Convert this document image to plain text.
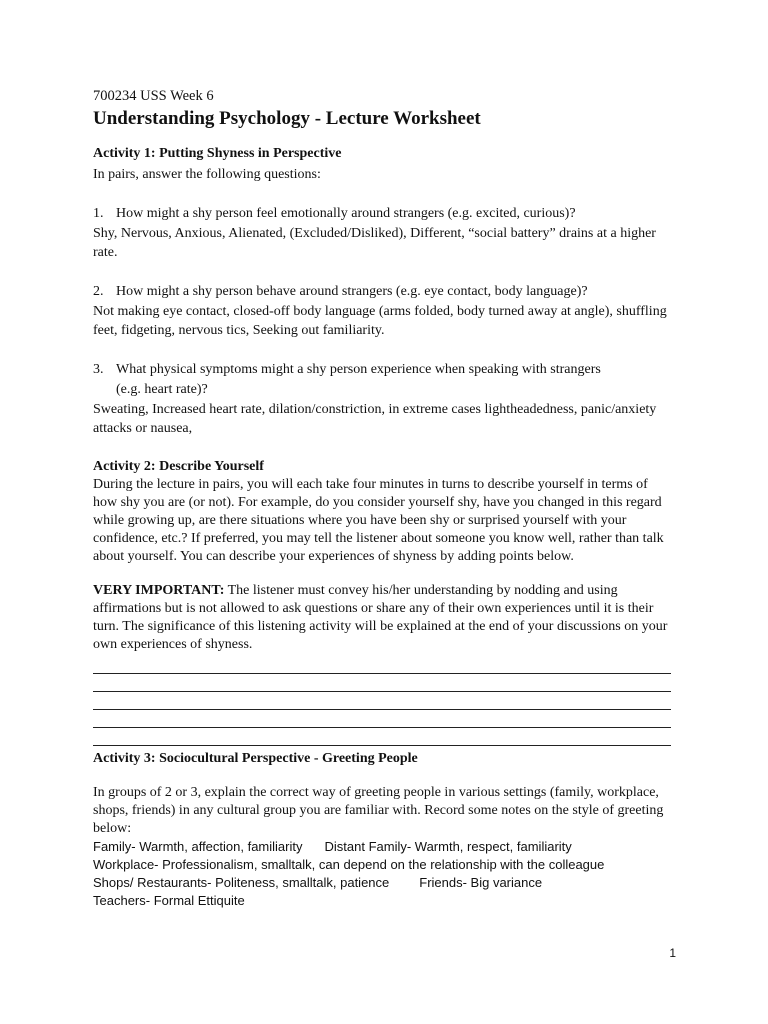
700234 USS Week 6
Understanding Psychology - Lecture Worksheet
Activity 1: Putting Shyness in Perspective
In pairs, answer the following questions:
1. How might a shy person feel emotionally around strangers (e.g. excited, curious)?
Shy, Nervous, Anxious, Alienated, (Excluded/Disliked), Different, “social battery” drains at a higher rate.
2. How might a shy person behave around strangers (e.g. eye contact, body language)?
Not making eye contact, closed-off body language (arms folded, body turned away at angle), shuffling feet, fidgeting, nervous tics, Seeking out familiarity.
3. What physical symptoms might a shy person experience when speaking with strangers
(e.g. heart rate)?
Sweating, Increased heart rate, dilation/constriction, in extreme cases lightheadedness, panic/anxiety attacks or nausea,
Activity 2: Describe Yourself
During the lecture in pairs, you will each take four minutes in turns to describe yourself in terms of how shy you are (or not). For example, do you consider yourself shy, have you changed in this regard while growing up, are there situations where you have been shy or surprised yourself with your confidence, etc.? If preferred, you may tell the listener about someone you know well, rather than talk about yourself. You can describe your experiences of shyness by adding points below.
VERY IMPORTANT: The listener must convey his/her understanding by nodding and using affirmations but is not allowed to ask questions or share any of their own experiences until it is their turn. The significance of this listening activity will be explained at the end of your discussions on your own experiences of shyness.
Activity 3: Sociocultural Perspective - Greeting People
In groups of 2 or 3, explain the correct way of greeting people in various settings (family, workplace, shops, friends) in any cultural group you are familiar with. Record some notes on the style of greeting below:
Family- Warmth, affection, familiarity Distant Family- Warmth, respect, familiarity
Workplace- Professionalism, smalltalk, can depend on the relationship with the colleague
Shops/ Restaurants- Politeness, smalltalk, patience Friends- Big variance
Teachers- Formal Ettiquite
1
